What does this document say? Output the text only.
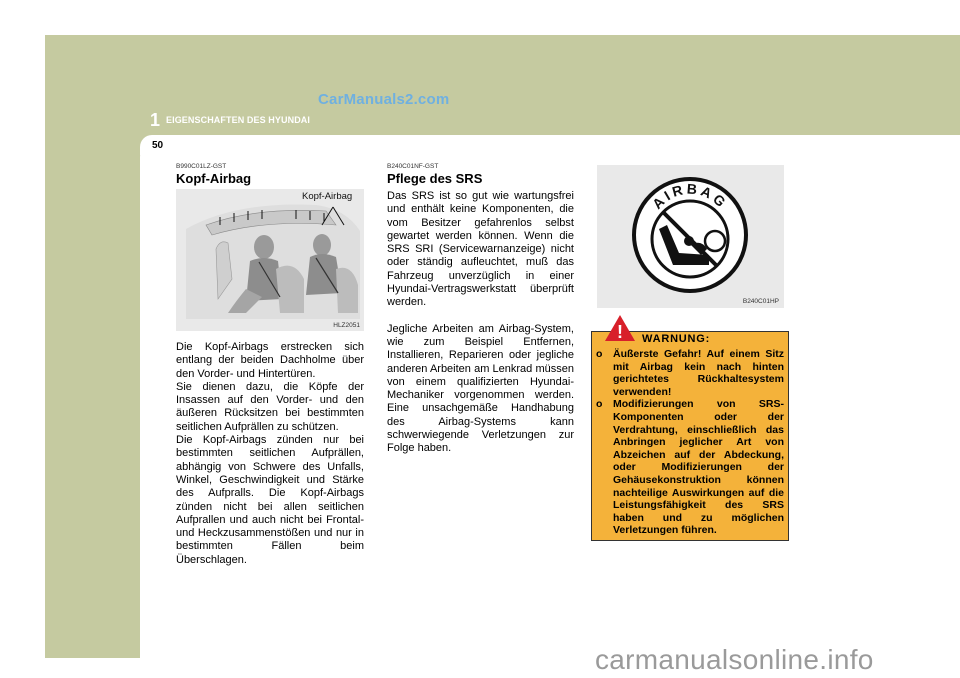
1 EIGENSCHAFTEN DES HYUNDAI
50
CarManuals2.com
B990C01LZ-GST
Kopf-Airbag
Kopf-Airbag
HLZ2051
Die Kopf-Airbags erstrecken sich entlang der beiden Dachholme über den Vorder- und Hintertüren.
Sie dienen dazu, die Köpfe der Insassen auf den Vorder- und den äußeren Rücksitzen bei bestimmten seitlichen Aufprällen zu schützen.
Die Kopf-Airbags zünden nur bei bestimmten seitlichen Aufprällen, abhängig von Schwere des Unfalls, Winkel, Geschwindigkeit und Stärke des Aufpralls. Die Kopf-Airbags zünden nicht bei allen seitlichen Aufprallen und auch nicht bei Frontal- und Heckzusammenstößen und nur in bestimmten Fällen beim Überschlagen.
B240C01NF-GST
Pflege des SRS
Das SRS ist so gut wie wartungsfrei und enthält keine Komponenten, die vom Besitzer gefahrenlos selbst gewartet werden können. Wenn die SRS SRI (Servicewarnanzeige) nicht oder ständig aufleuchtet, muß das Fahrzeug unverzüglich in einer Hyundai-Vertragswerkstatt überprüft werden.
Jegliche Arbeiten am Airbag-System, wie zum Beispiel Entfernen, Installieren, Reparieren oder jegliche anderen Arbeiten am Lenkrad müssen von einem qualifizierten Hyundai-Mechaniker vorgenommen werden. Eine unsachgemäße Handhabung des Airbag-Systems kann schwerwiegende Verletzungen zur Folge haben.
AIRBAG
B240C01HP
! WARNUNG:
o	Äußerste Gefahr! Auf einem Sitz mit Airbag kein nach hinten gerichtetes Rückhaltesystem verwenden!
o	Modifizierungen von SRS-Komponenten oder der Verdrahtung, einschließlich das Anbringen jeglicher Art von Abzeichen auf der Abdeckung, oder Modifizierungen der Gehäusekonstruktion können nachteilige Auswirkungen auf die Leistungsfähigkeit des SRS haben und zu möglichen Verletzungen führen.
carmanualsonline.info
